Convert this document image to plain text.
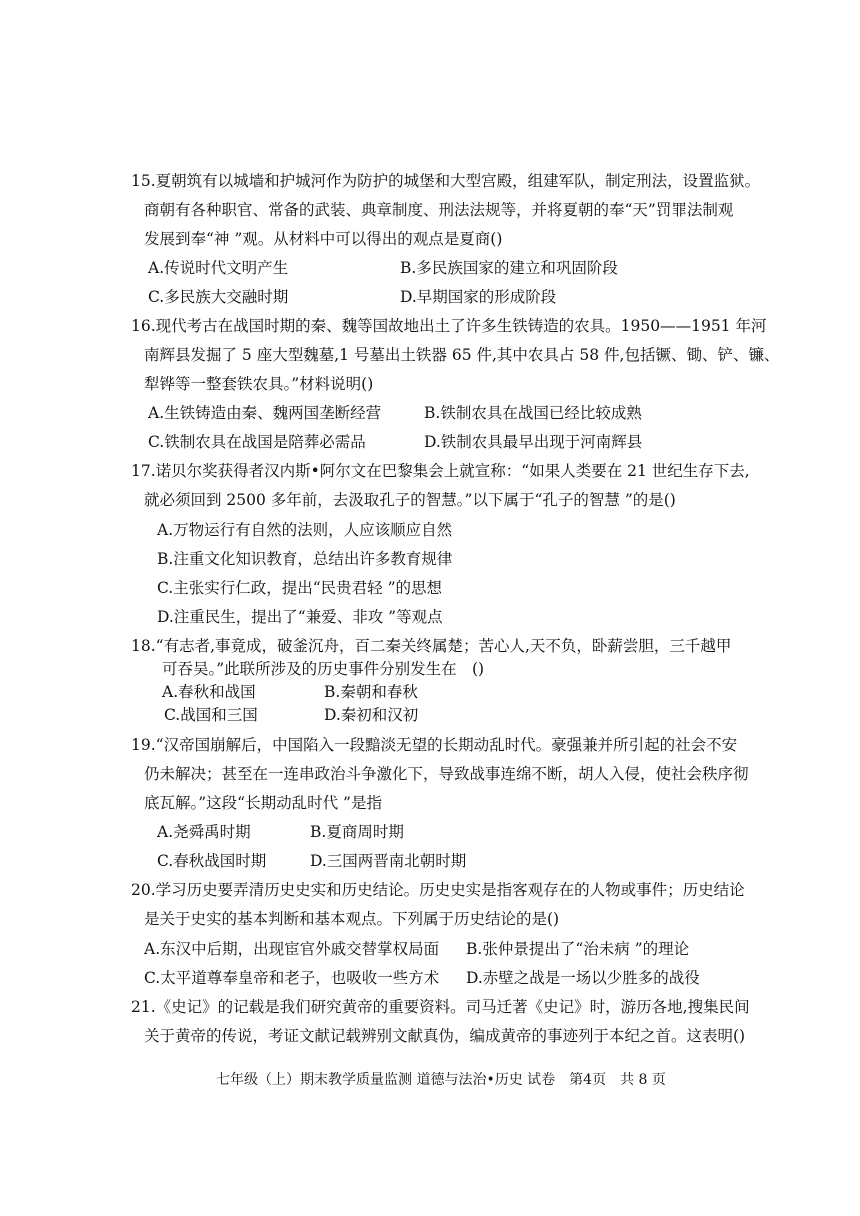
15.夏朝筑有以城墙和护城河作为防护的城堡和大型宫殿，组建军队，制定刑法，设置监狱。
商朝有各种职官、常备的武装、典章制度、刑法法规等，并将夏朝的奉“天”罚罪法制观
发展到奉“神 ”观。从材料中可以得出的观点是夏商()
A.传说时代文明产生	B.多民族国家的建立和巩固阶段
C.多民族大交融时期	D.早期国家的形成阶段
16.现代考古在战国时期的秦、魏等国故地出土了许多生铁铸造的农具。1950——1951 年河
南辉县发掘了 5 座大型魏墓,1 号墓出土铁器 65 件,其中农具占 58 件,包括镢、锄、铲、镰、
犁铧等一整套铁农具。”材料说明()
A.生铁铸造由秦、魏两国垄断经营	B.铁制农具在战国已经比较成熟
C.铁制农具在战国是陪葬必需品	D.铁制农具最早出现于河南辉县
17.诺贝尔奖获得者汉内斯•阿尔文在巴黎集会上就宣称：“如果人类要在 21 世纪生存下去,
就必须回到 2500 多年前，去汲取孔子的智慧。”以下属于“孔子的智慧 ”的是()
A.万物运行有自然的法则，人应该顺应自然
B.注重文化知识教育，总结出许多教育规律
C.主张实行仁政，提出“民贵君轻 ”的思想
D.注重民生，提出了“兼爱、非攻 ”等观点
18.“有志者,事竟成，破釜沉舟，百二秦关终属楚；苦心人,天不负，卧薪尝胆，三千越甲
可吞吴。”此联所涉及的历史事件分别发生在 ()
A.春秋和战国	B.秦朝和春秋
C.战国和三国	D.秦初和汉初
19.“汉帝国崩解后，中国陷入一段黯淡无望的长期动乱时代。豪强兼并所引起的社会不安
仍未解决；甚至在一连串政治斗争激化下，导致战事连绵不断，胡人入侵，使社会秩序彻
底瓦解。”这段“长期动乱时代 ”是指
A.尧舜禹时期	B.夏商周时期
C.春秋战国时期	D.三国两晋南北朝时期
20.学习历史要弄清历史史实和历史结论。历史史实是指客观存在的人物或事件；历史结论
是关于史实的基本判断和基本观点。下列属于历史结论的是()
A.东汉中后期，出现宦官外戚交替掌权局面 B.张仲景提出了“治未病 ”的理论
C.太平道尊奉皇帝和老子，也吸收一些方术 D.赤壁之战是一场以少胜多的战役
21.《史记》的记载是我们研究黄帝的重要资料。司马迁著《史记》时，游历各地,搜集民间
关于黄帝的传说，考证文献记载辨别文献真伪，编成黄帝的事迹列于本纪之首。这表明()
七年级（上）期末教学质量监测 道德与法治•历史 试卷　第4页　共 8 页
